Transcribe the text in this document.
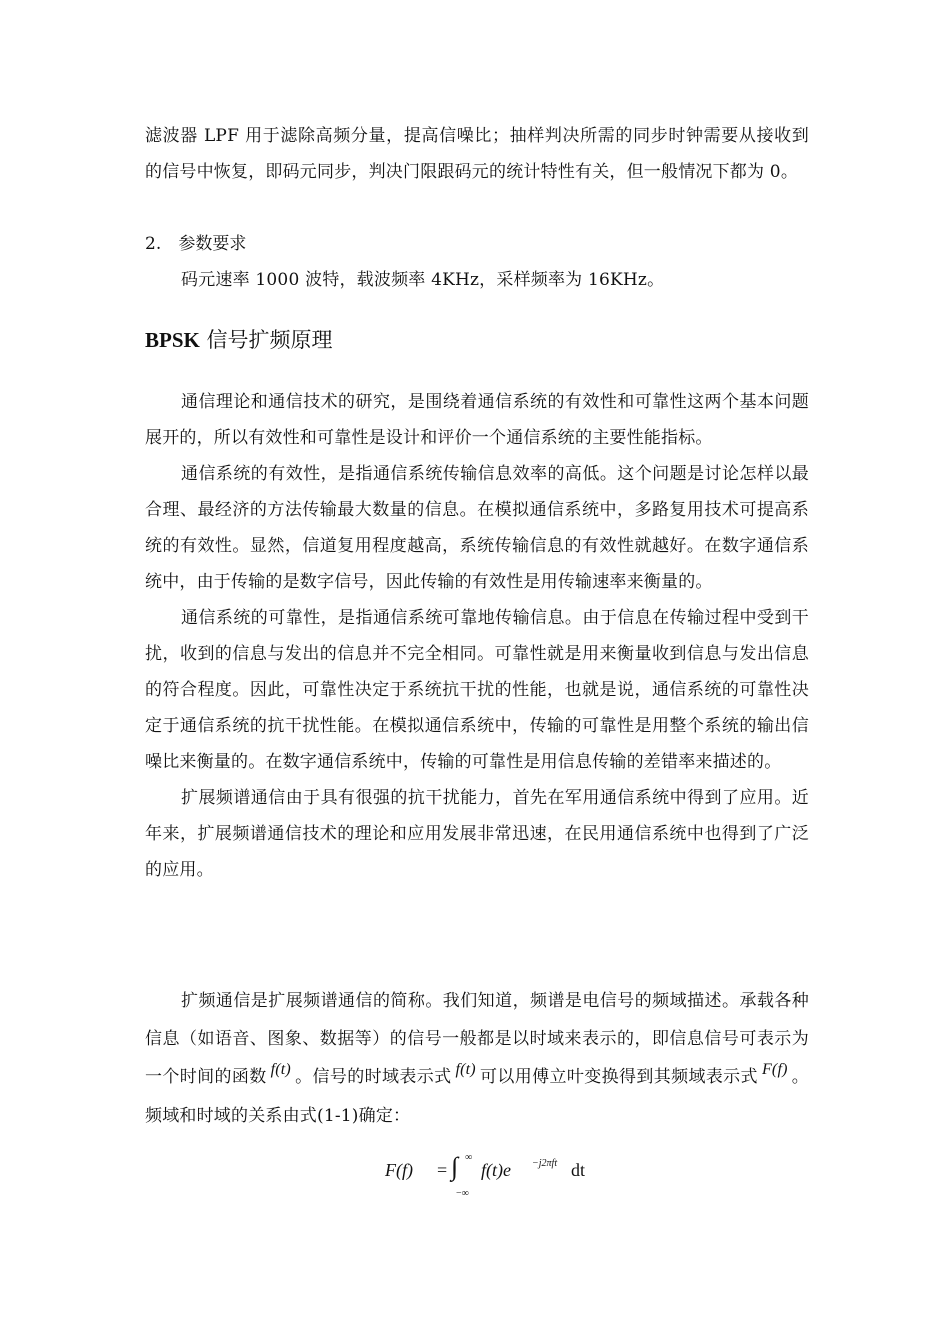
滤波器 LPF 用于滤除高频分量，提高信噪比；抽样判决所需的同步时钟需要从接收到的信号中恢复，即码元同步，判决门限跟码元的统计特性有关，但一般情况下都为 0。

2. 参数要求

码元速率 1000 波特，载波频率 4KHz，采样频率为 16KHz。

BPSK 信号扩频原理

通信理论和通信技术的研究，是围绕着通信系统的有效性和可靠性这两个基本问题展开的，所以有效性和可靠性是设计和评价一个通信系统的主要性能指标。

通信系统的有效性，是指通信系统传输信息效率的高低。这个问题是讨论怎样以最合理、最经济的方法传输最大数量的信息。在模拟通信系统中，多路复用技术可提高系统的有效性。显然，信道复用程度越高，系统传输信息的有效性就越好。在数字通信系统中，由于传输的是数字信号，因此传输的有效性是用传输速率来衡量的。

通信系统的可靠性，是指通信系统可靠地传输信息。由于信息在传输过程中受到干扰，收到的信息与发出的信息并不完全相同。可靠性就是用来衡量收到信息与发出信息的符合程度。因此，可靠性决定于系统抗干扰的性能，也就是说，通信系统的可靠性决定于通信系统的抗干扰性能。在模拟通信系统中，传输的可靠性是用整个系统的输出信噪比来衡量的。在数字通信系统中，传输的可靠性是用信息传输的差错率来描述的。

扩展频谱通信由于具有很强的抗干扰能力，首先在军用通信系统中得到了应用。近年来，扩展频谱通信技术的理论和应用发展非常迅速，在民用通信系统中也得到了广泛的应用。

扩频通信是扩展频谱通信的简称。我们知道，频谱是电信号的频域描述。承载各种信息（如语音、图象、数据等）的信号一般都是以时域来表示的，即信息信号可表示为一个时间的函数 f(t) 。信号的时域表示式 f(t) 可以用傅立叶变换得到其频域表示式 F(f) 。频域和时域的关系由式(1-1)确定：

F(f) = ∫ ∞
−∞
f(t)e −j2πft dt
